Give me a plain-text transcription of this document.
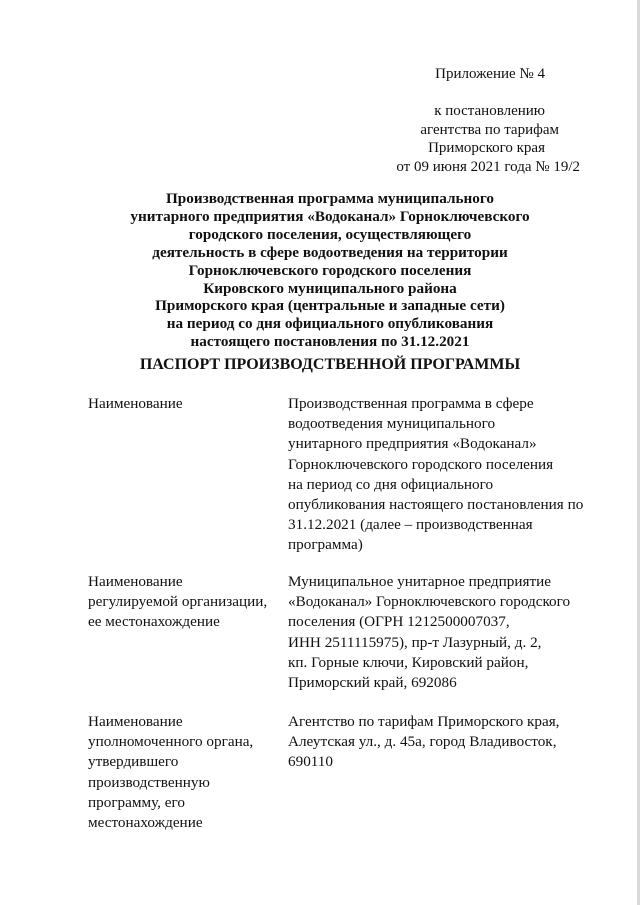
Приложение № 4
к постановлению
агентства по тарифам
Приморского края
от 09 июня 2021 года № 19/2
Производственная программа муниципального
унитарного предприятия «Водоканал» Горноключевского
городского поселения, осуществляющего
деятельность в сфере водоотведения на территории
Горноключевского городского поселения
Кировского муниципального района
Приморского края (центральные и западные сети)
на период со дня официального опубликования
настоящего постановления по 31.12.2021
ПАСПОРТ ПРОИЗВОДСТВЕННОЙ ПРОГРАММЫ
Наименование	Производственная программа в сфере
водоотведения муниципального
унитарного предприятия «Водоканал»
Горноключевского городского поселения
на период со дня официального
опубликования настоящего постановления по
31.12.2021 (далее – производственная
программа)
Наименование
регулируемой организации,
ее местонахождение
Муниципальное унитарное предприятие
«Водоканал» Горноключевского городского
поселения (ОГРН 1212500007037,
ИНН 2511115975), пр-т Лазурный, д. 2,
кп. Горные ключи, Кировский район,
Приморский край, 692086
Наименование
уполномоченного органа,
утвердившего
производственную
программу, его
местонахождение
Агентство по тарифам Приморского края,
Алеутская ул., д. 45а, город Владивосток,
690110
